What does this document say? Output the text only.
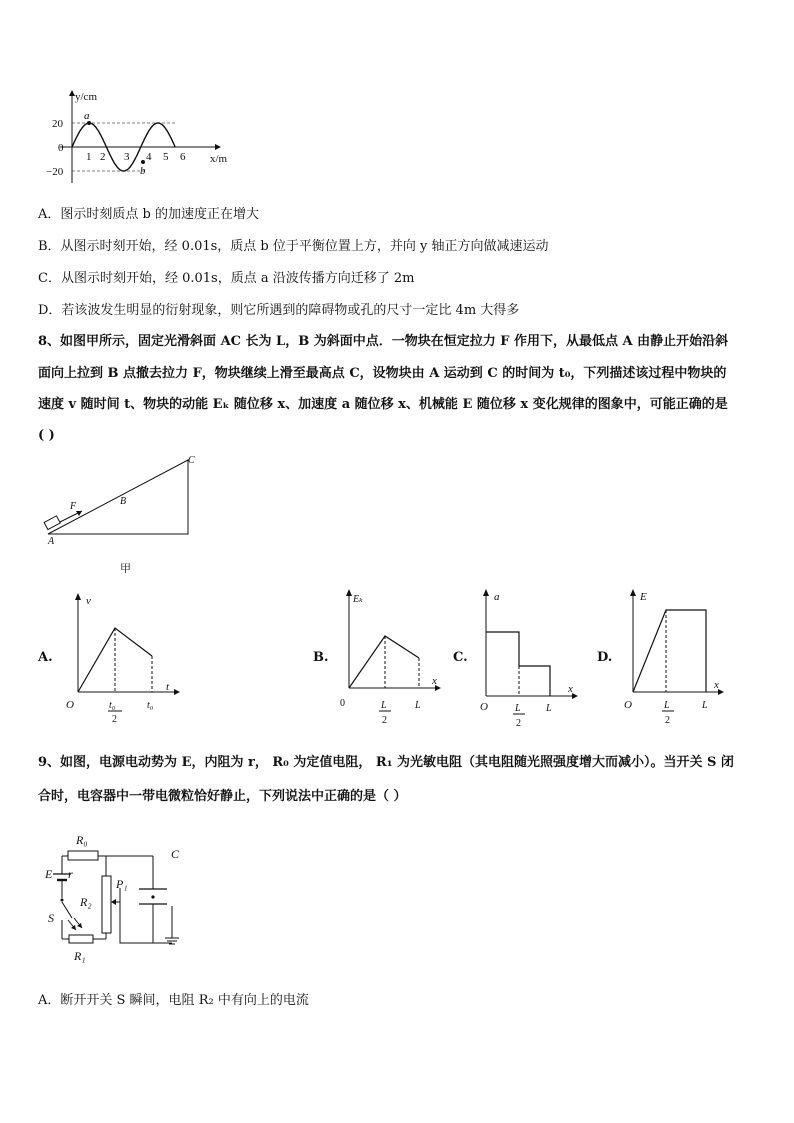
y/cm
x/m
20
0
−20
1 2 3 4 5 6
a
b
A．图示时刻质点 b 的加速度正在增大
B．从图示时刻开始，经 0.01s，质点 b 位于平衡位置上方，并向 y 轴正方向做减速运动
C．从图示时刻开始，经 0.01s，质点 a 沿波传播方向迁移了 2m
D．若该波发生明显的衍射现象，则它所遇到的障碍物或孔的尺寸一定比 4m 大得多
8、如图甲所示，固定光滑斜面 AC 长为 L，B 为斜面中点．一物块在恒定拉力 F 作用下，从最低点 A 由静止开始沿斜
面向上拉到 B 点撤去拉力 F，物块继续上滑至最高点 C，设物块由 A 运动到 C 的时间为 t₀，下列描述该过程中物块的
速度 v 随时间 t、物块的动能 Eₖ 随位移 x、加速度 a 随位移 x、机械能 E 随位移 x 变化规律的图象中，可能正确的是
( )
F	B
C
A
甲
A.
v
t
O	t₀
2
t₀
B.
Eₖ
x
0	L
2
L
C.
a
x
O	L
2
L
D.
E
x
O	L
2
L
9、如图，电源电动势为 E，内阻为 r， R₀ 为定值电阻， R₁ 为光敏电阻（其电阻随光照强度增大而减小）。当开关 S 闭
合时，电容器中一带电微粒恰好静止，下列说法中正确的是（ ）
R₀
C
E r
P₁
R₂
S
R₁
A．断开开关 S 瞬间，电阻 R₂ 中有向上的电流
